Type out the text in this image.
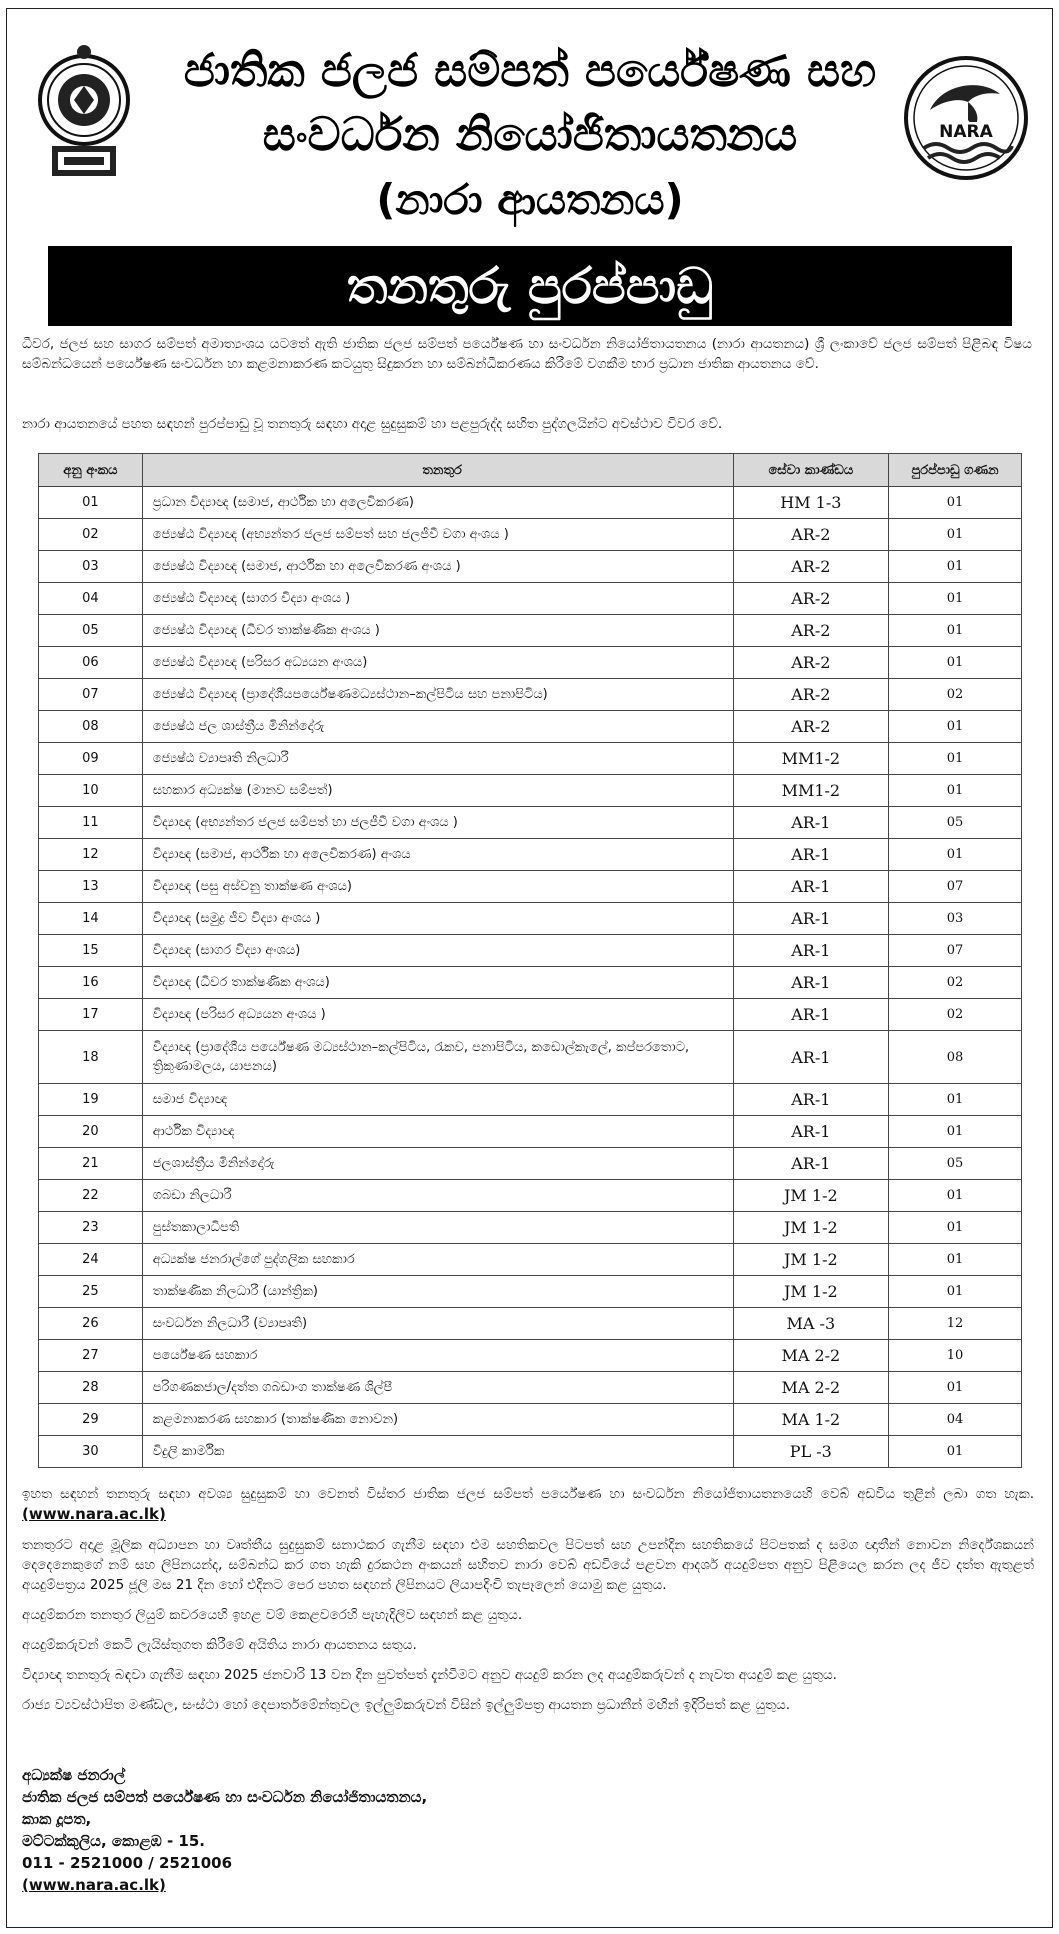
NARA
ජාතික ජලජ සම්පත් පර්යේෂණ සහ
සංවර්ධන නියෝජිතායතනය
(නාරා ආයතනය)
තනතුරු පුරප්පාඩු
ධීවර, ජලජ සහ සාගර සම්පත් අමාත්‍යංශය යටතේ ඇති ජාතික ජලජ සම්පත් පර්යේෂණ හා සංවර්ධන නියෝජිතායතනය (නාරා ආයතනය) ශ්‍රී ලංකාවේ ජලජ සම්පත් පිළිබඳ විෂය සම්බන්ධයෙන් පර්යේෂණ සංවර්ධන හා කළමනාකරණ කටයුතු සිදුකරන හා සම්බන්ධීකරණය කිරීමේ වගකීම භාර ප්‍රධාන ජාතික ආයතනය වේ.
නාරා ආයතනයේ පහත සඳහන් පුරප්පාඩු වූ තනතුරු සඳහා අදාළ සුදුසුකම් හා පළපුරුද්ද සහිත පුද්ගලයින්ට අවස්ථාව විවර වේ.
අනු අංකය	තනතුර	සේවා කාණ්ඩය	පුරප්පාඩු ගණන
01	ප්‍රධාන විද්‍යාඥ (සමාජ, ආර්ථික හා අලෙවිකරණ)	HM 1-3	01
02	ජ්‍යෙෂ්ඨ විද්‍යාඥ (අභ්‍යන්තර ජලජ සම්පත් සහ ජලජීවී වගා අංශය )	AR-2	01
03	ජ්‍යෙෂ්ඨ විද්‍යාඥ (සමාජ, ආර්ථික හා අලෙවිකරණ අංශය )	AR-2	01
04	ජ්‍යෙෂ්ඨ විද්‍යාඥ (සාගර විද්‍යා අංශය )	AR-2	01
05	ජ්‍යෙෂ්ඨ විද්‍යාඥ (ධීවර තාක්ෂණික අංශය )	AR-2	01
06	ජ්‍යෙෂ්ඨ විද්‍යාඥ (පරිසර අධ්‍යයන අංශය)	AR-2	01
07	ජ්‍යෙෂ්ඨ විද්‍යාඥ (ප්‍රාදේශීයපර්යේෂණමධ්‍යස්ථාන–කල්පිටිය සහ පනාපිටිය)	AR-2	02
08	ජ්‍යෙෂ්ඨ ජල ශාස්ත්‍රීය මිනින්දෝරු	AR-2	01
09	ජ්‍යෙෂ්ඨ ව්‍යාපෘති නිලධාරී	MM1-2	01
10	සහකාර අධ්‍යක්ෂ (මානව සම්පත්)	MM1-2	01
11	විද්‍යාඥ (අභ්‍යන්තර ජලජ සම්පත් හා ජලජීවී වගා අංශය )	AR-1	05
12	විද්‍යාඥ (සමාජ, ආර්ථික හා අලෙවිකරණ) අංශය	AR-1	01
13	විද්‍යාඥ (පසු අස්වනු තාක්ෂණ අංශය)	AR-1	07
14	විද්‍යාඥ (සමුද්‍ර ජීව විද්‍යා අංශය )	AR-1	03
15	විද්‍යාඥ (සාගර විද්‍යා අංශය)	AR-1	07
16	විද්‍යාඥ (ධීවර තාක්ෂණික අංශය)	AR-1	02
17	විද්‍යාඥ (පරිසර අධ්‍යයන අංශය )	AR-1	02
18	විද්‍යාඥ (ප්‍රාදේශීය පර්යේෂණ මධ්‍යස්ථාන–කල්පිටිය, රැකව, පනාපිටිය, කඩොල්කැලේ, කප්පරතොට, ත්‍රිකුණාමලය, යාපනය)	AR-1	08
19	සමාජ විද්‍යාඥ	AR-1	01
20	ආර්ථික විද්‍යාඥ	AR-1	01
21	ජලශාස්ත්‍රීය මිනින්දෝරු	AR-1	05
22	ගබඩා නිලධාරී	JM 1-2	01
23	පුස්තකාලාධිපති	JM 1-2	01
24	අධ්‍යක්ෂ ජනරාල්ගේ පුද්ගලික සහකාර	JM 1-2	01
25	තාක්ෂණික නිලධාරී (යාන්ත්‍රික)	JM 1-2	01
26	සංවර්ධන නිලධාරී (ව්‍යාපෘති)	MA -3	12
27	පර්යේෂණ සහකාර	MA 2-2	10
28	පරිගණකජාල/දත්ත ගබඩාංග තාක්ෂණ ශිල්පී	MA 2-2	01
29	කළමනාකරණ සහකාර (තාක්ෂණික නොවන)	MA 1-2	04
30	විදුලි කාර්මික	PL -3	01

ඉහත සඳහන් තනතුරු සඳහා අවශ්‍ය සුදුසුකම් හා වෙනත් විස්තර ජාතික ජලජ සම්පත් පර්යේෂණ හා සංවර්ධන නියෝජිතායතනයෙහි වෙබ් අඩවිය තුළින් ලබා ගත හැක.(www.nara.ac.lk)

තනතුරට අදාළ මූලික අධ්‍යාපන හා වෘත්තීය සුදුසුකම් සනාථකර ගැනීම සඳහා එම සහතිකවල පිටපත් සහ උපන්දින සහතිකයේ පිටපතක් ද සමග ඥාතීන් නොවන නිර්දේශකයන් දෙදෙනෙකුගේ නම් සහ ලිපිනයන්ද, සම්බන්ධ කර ගත හැකි දුරකථන අංකයන් සහිතව නාරා වෙබ් අඩවියේ පළවන ආදර්ශ අයදුම්පත අනුව පිළියෙල කරන ලද ජීව දත්ත ඇතුළත් අයදුම්පත්‍රය 2025 ජූලි මස 21 දින හෝ එදිනට පෙර පහත සඳහන් ලිපිනයට ලියාපදිංචි තැපෑලෙන් යොමු කළ යුතුය.

අයදුම්කරන තනතුර ලියුම් කවරයෙහි ඉහළ වම් කෙළවරෙහි පැහැදිලිව සඳහන් කළ යුතුය.

අයදුම්කරුවන් කෙටි ලැයිස්තුගත කිරීමේ අයිතිය නාරා ආයතනය සතුය.

විද්‍යාඥ තනතුරු බඳවා ගැනීම සඳහා 2025 ජනවාරි 13 වන දින පුවත්පත් දැන්වීමට අනුව අයදුම් කරන ලද අයදුම්කරුවන් ද නැවත අයදුම් කළ යුතුය.

රාජ්‍ය ව්‍යවස්ථාපිත මණ්ඩල, සංස්ථා හෝ දෙපාර්තමේන්තුවල ඉල්ලුම්කරුවන් විසින් ඉල්ලුම්පත්‍ර ආයතන ප්‍රධානීන් මඟින් ඉදිරිපත් කළ යුතුය.

අධ්‍යක්ෂ ජනරාල්
ජාතික ජලජ සම්පත් පර්යේෂණ හා සංවර්ධන නියෝජිතායතනය,
කාක දූපත,
මට්ටක්කුලිය, කොළඹ - 15.
011 - 2521000 / 2521006
(www.nara.ac.lk)
